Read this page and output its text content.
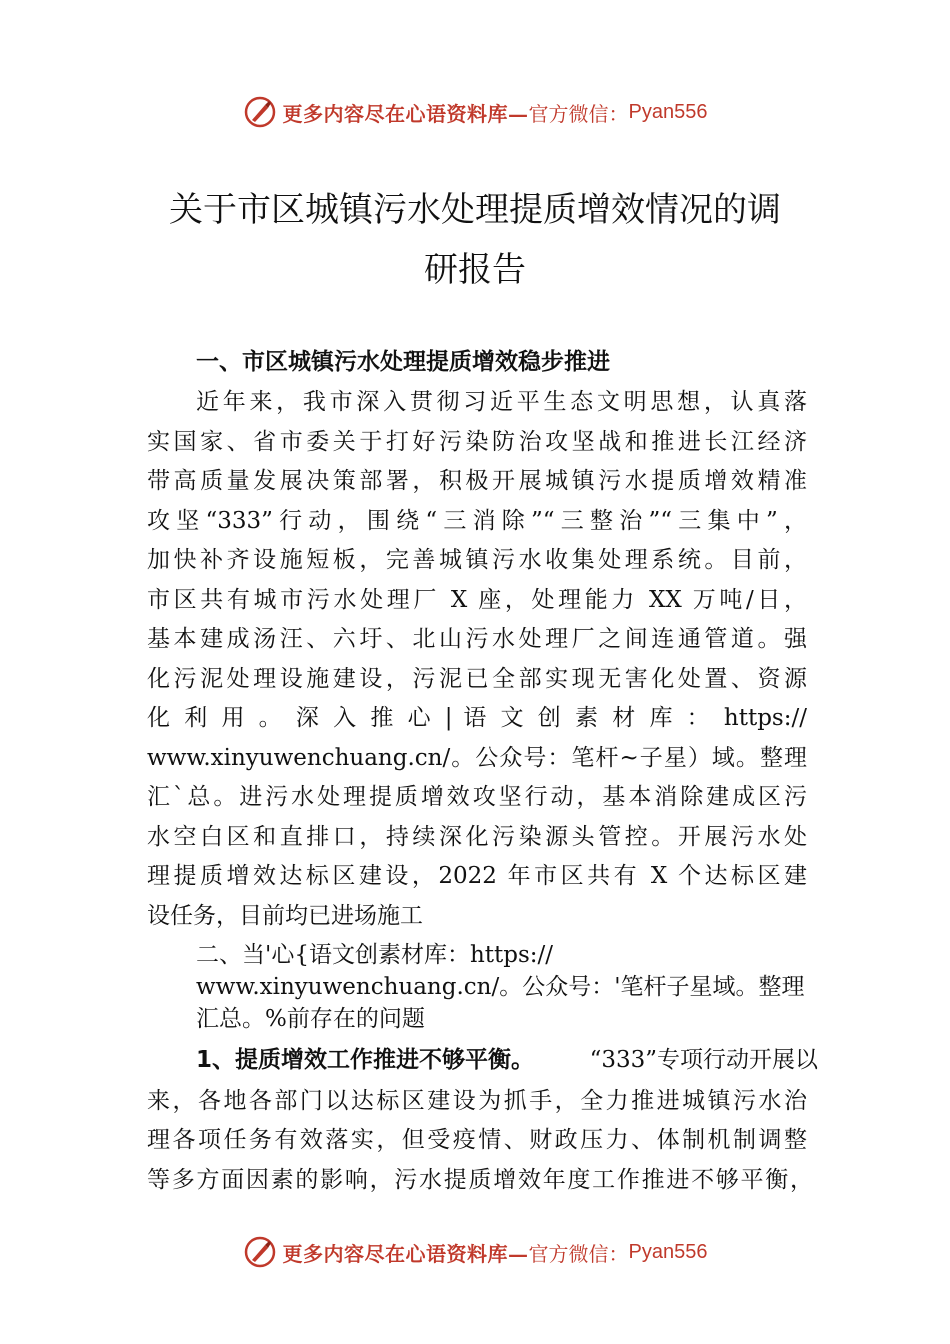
更多内容尽在心语资料库— 官方微信： Pyan556
关于市区城镇污水处理提质增效情况的调
研报告
一、市区城镇污水处理提质增效稳步推进
近年来，我市深入贯彻习近平生态文明思想，认真落
实国家、省市委关于打好污染防治攻坚战和推进长江经济
带高质量发展决策部署，积极开展城镇污水提质增效精准
攻坚“333”行动，围绕“三消除”“三整治”“三集中”，
加快补齐设施短板，完善城镇污水收集处理系统。目前，
市区共有城市污水处理厂 X 座，处理能力 XX 万吨/日，
基本建成汤汪、六圩、北山污水处理厂之间连通管道。强
化污泥处理设施建设，污泥已全部实现无害化处置、资源
化 利 用 。 深 入 推 心 | 语 文 创 素 材 库 ： https://
www.xinyuwenchuang.cn/。公众号：笔杆~子星）域。整理
汇`总。进污水处理提质增效攻坚行动，基本消除建成区污
水空白区和直排口，持续深化污染源头管控。开展污水处
理提质增效达标区建设，2022 年市区共有 X 个达标区建
设任务，目前均已进场施工
二、当'心{语文创素材库：https://
www.xinyuwenchuang.cn/。公众号：'笔杆子星域。整理
汇总。%前存在的问题
1、提质增效工作推进不够平衡。 “333”专项行动开展以
来，各地各部门以达标区建设为抓手，全力推进城镇污水治
理各项任务有效落实，但受疫情、财政压力、体制机制调整
等多方面因素的影响，污水提质增效年度工作推进不够平衡，
更多内容尽在心语资料库— 官方微信： Pyan556
